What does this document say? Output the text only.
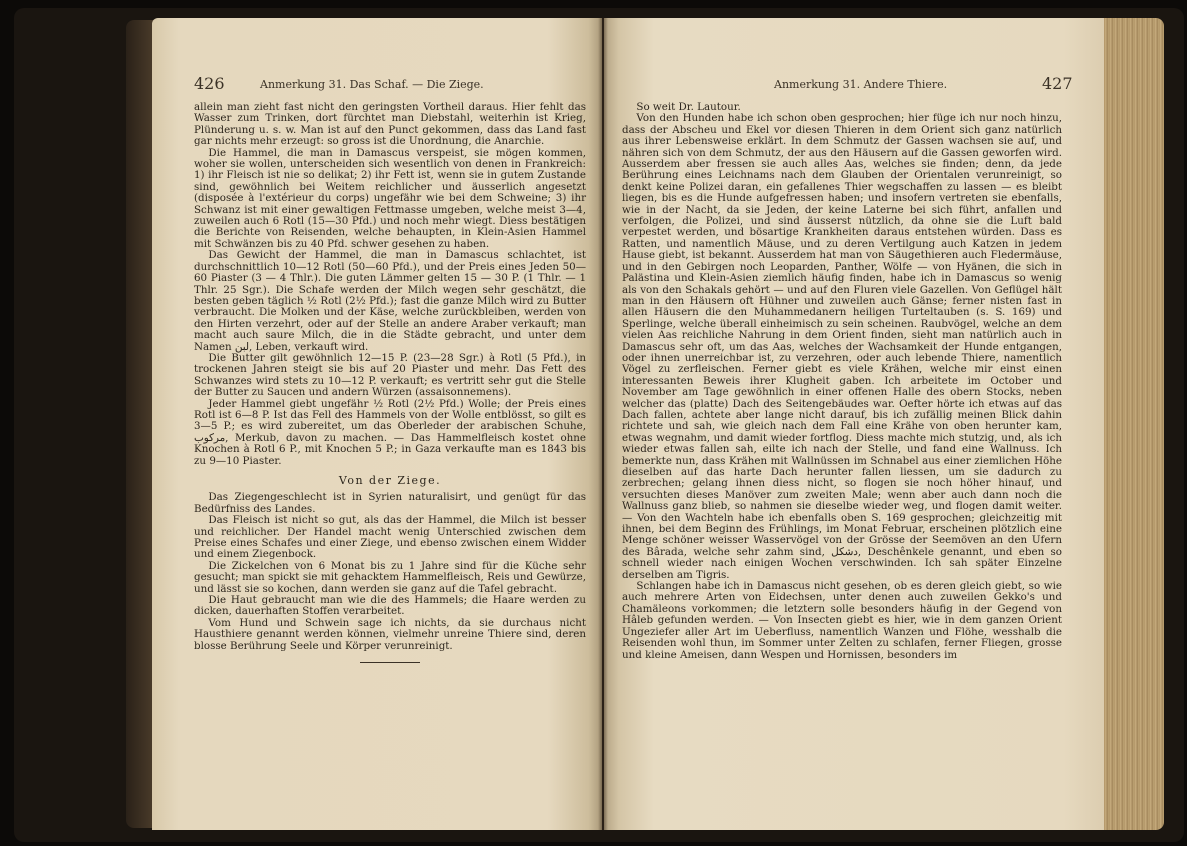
426	Anmerkung 31. Das Schaf. — Die Ziege.

allein man zieht fast nicht den geringsten Vortheil daraus. Hier fehlt das Wasser zum Trinken, dort fürchtet man Diebstahl, weiterhin ist Krieg, Plünderung u. s. w. Man ist auf den Punct gekommen, dass das Land fast gar nichts mehr erzeugt: so gross ist die Unordnung, die Anarchie.

Die Hammel, die man in Damascus verspeist, sie mögen kommen, woher sie wollen, unterscheiden sich wesentlich von denen in Frankreich: 1) ihr Fleisch ist nie so delikat; 2) ihr Fett ist, wenn sie in gutem Zustande sind, gewöhnlich bei Weitem reichlicher und äusserlich angesetzt (disposée à l'extérieur du corps) ungefähr wie bei dem Schweine; 3) ihr Schwanz ist mit einer gewaltigen Fettmasse umgeben, welche meist 3—4, zuweilen auch 6 Rotl (15—30 Pfd.) und noch mehr wiegt. Diess bestätigen die Berichte von Reisenden, welche behaupten, in Klein-Asien Hammel mit Schwänzen bis zu 40 Pfd. schwer gesehen zu haben.

Das Gewicht der Hammel, die man in Damascus schlachtet, ist durchschnittlich 10—12 Rotl (50—60 Pfd.), und der Preis eines Jeden 50—60 Piaster (3 — 4 Thlr.). Die guten Lämmer gelten 15 — 30 P. (1 Thlr. — 1 Thlr. 25 Sgr.). Die Schafe werden der Milch wegen sehr geschätzt, die besten geben täglich ½ Rotl (2½ Pfd.); fast die ganze Milch wird zu Butter verbraucht. Die Molken und der Käse, welche zurückbleiben, werden von den Hirten verzehrt, oder auf der Stelle an andere Araber verkauft; man macht auch saure Milch, die in die Städte gebracht, und unter dem Namen لبن, Leben, verkauft wird.

Die Butter gilt gewöhnlich 12—15 P. (23—28 Sgr.) à Rotl (5 Pfd.), in trockenen Jahren steigt sie bis auf 20 Piaster und mehr. Das Fett des Schwanzes wird stets zu 10—12 P. verkauft; es vertritt sehr gut die Stelle der Butter zu Saucen und andern Würzen (assaisonnemens).

Jeder Hammel giebt ungefähr ½ Rotl (2½ Pfd.) Wolle; der Preis eines Rotl ist 6—8 P. Ist das Fell des Hammels von der Wolle entblösst, so gilt es 3—5 P.; es wird zubereitet, um das Oberleder der arabischen Schuhe, مركوب, Merkub, davon zu machen. — Das Hammelfleisch kostet ohne Knochen à Rotl 6 P., mit Knochen 5 P.; in Gaza verkaufte man es 1843 bis zu 9—10 Piaster.

Von der Ziege.

Das Ziegengeschlecht ist in Syrien naturalisirt, und genügt für das Bedürfniss des Landes.

Das Fleisch ist nicht so gut, als das der Hammel, die Milch ist besser und reichlicher. Der Handel macht wenig Unterschied zwischen dem Preise eines Schafes und einer Ziege, und ebenso zwischen einem Widder und einem Ziegenbock.

Die Zickelchen von 6 Monat bis zu 1 Jahre sind für die Küche sehr gesucht; man spickt sie mit gehacktem Hammelfleisch, Reis und Gewürze, und lässt sie so kochen, dann werden sie ganz auf die Tafel gebracht.

Die Haut gebraucht man wie die des Hammels; die Haare werden zu dicken, dauerhaften Stoffen verarbeitet.

Vom Hund und Schwein sage ich nichts, da sie durchaus nicht Hausthiere genannt werden können, vielmehr unreine Thiere sind, deren blosse Berührung Seele und Körper verunreinigt.

Anmerkung 31. Andere Thiere.	427

So weit Dr. Lautour.

Von den Hunden habe ich schon oben gesprochen; hier füge ich nur noch hinzu, dass der Abscheu und Ekel vor diesen Thieren in dem Orient sich ganz natürlich aus ihrer Lebensweise erklärt. In dem Schmutz der Gassen wachsen sie auf, und nähren sich von dem Schmutz, der aus den Häusern auf die Gassen geworfen wird. Ausserdem aber fressen sie auch alles Aas, welches sie finden; denn, da jede Berührung eines Leichnams nach dem Glauben der Orientalen verunreinigt, so denkt keine Polizei daran, ein gefallenes Thier wegschaffen zu lassen — es bleibt liegen, bis es die Hunde aufgefressen haben; und insofern vertreten sie ebenfalls, wie in der Nacht, da sie Jeden, der keine Laterne bei sich führt, anfallen und verfolgen, die Polizei, und sind äusserst nützlich, da ohne sie die Luft bald verpestet werden, und bösartige Krankheiten daraus entstehen würden. Dass es Ratten, und namentlich Mäuse, und zu deren Vertilgung auch Katzen in jedem Hause giebt, ist bekannt. Ausserdem hat man von Säugethieren auch Fledermäuse, und in den Gebirgen noch Leoparden, Panther, Wölfe — von Hyänen, die sich in Palästina und Klein-Asien ziemlich häufig finden, habe ich in Damascus so wenig als von den Schakals gehört — und auf den Fluren viele Gazellen. Von Geflügel hält man in den Häusern oft Hühner und zuweilen auch Gänse; ferner nisten fast in allen Häusern die den Muhammedanern heiligen Turteltauben (s. S. 169) und Sperlinge, welche überall einheimisch zu sein scheinen. Raubvögel, welche an dem vielen Aas reichliche Nahrung in dem Orient finden, sieht man natürlich auch in Damascus sehr oft, um das Aas, welches der Wachsamkeit der Hunde entgangen, oder ihnen unerreichbar ist, zu verzehren, oder auch lebende Thiere, namentlich Vögel zu zerfleischen. Ferner giebt es viele Krähen, welche mir einst einen interessanten Beweis ihrer Klugheit gaben. Ich arbeitete im October und November am Tage gewöhnlich in einer offenen Halle des obern Stocks, neben welcher das (platte) Dach des Seitengebäudes war. Oefter hörte ich etwas auf das Dach fallen, achtete aber lange nicht darauf, bis ich zufällig meinen Blick dahin richtete und sah, wie gleich nach dem Fall eine Krähe von oben herunter kam, etwas wegnahm, und damit wieder fortflog. Diess machte mich stutzig, und, als ich wieder etwas fallen sah, eilte ich nach der Stelle, und fand eine Wallnuss. Ich bemerkte nun, dass Krähen mit Wallnüssen im Schnabel aus einer ziemlichen Höhe dieselben auf das harte Dach herunter fallen liessen, um sie dadurch zu zerbrechen; gelang ihnen diess nicht, so flogen sie noch höher hinauf, und versuchten dieses Manöver zum zweiten Male; wenn aber auch dann noch die Wallnuss ganz blieb, so nahmen sie dieselbe wieder weg, und flogen damit weiter. — Von den Wachteln habe ich ebenfalls oben S. 169 gesprochen; gleichzeitig mit ihnen, bei dem Beginn des Frühlings, im Monat Februar, erscheinen plötzlich eine Menge schöner weisser Wasservögel von der Grösse der Seemöven an den Ufern des Bârada, welche sehr zahm sind, دشكل, Deschênkele genannt, und eben so schnell wieder nach einigen Wochen verschwinden. Ich sah später Einzelne derselben am Tigris.

Schlangen habe ich in Damascus nicht gesehen, ob es deren gleich giebt, so wie auch mehrere Arten von Eidechsen, unter denen auch zuweilen Gekko's und Chamäleons vorkommen; die letztern solle besonders häufig in der Gegend von Hâleb gefunden werden. — Von Insecten giebt es hier, wie in dem ganzen Orient Ungeziefer aller Art im Ueberfluss, namentlich Wanzen und Flöhe, wesshalb die Reisenden wohl thun, im Sommer unter Zelten zu schlafen, ferner Fliegen, grosse und kleine Ameisen, dann Wespen und Hornissen, besonders im
